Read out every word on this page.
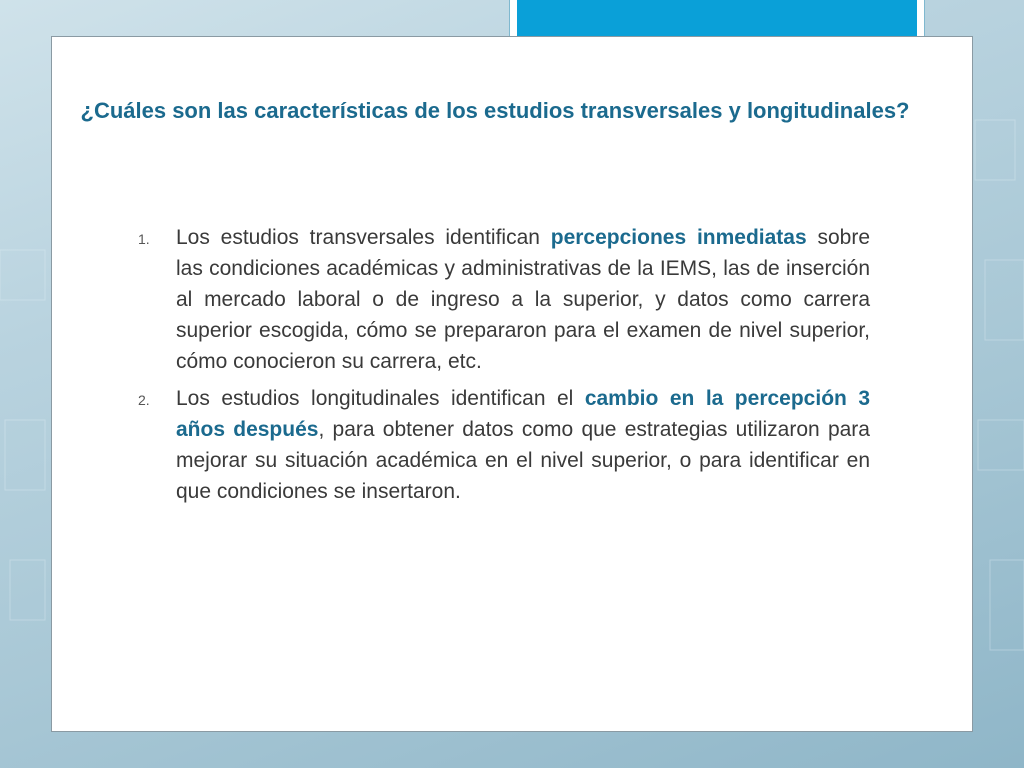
¿Cuáles son las características de los estudios transversales y longitudinales?
1. Los estudios transversales identifican percepciones inmediatas sobre las condiciones académicas y administrativas de la IEMS, las de inserción al mercado laboral o de ingreso a la superior, y datos como carrera superior escogida, cómo se prepararon para el examen de nivel superior, cómo conocieron su carrera, etc.
2. Los estudios longitudinales identifican el cambio en la percepción 3 años después, para obtener datos como que estrategias utilizaron para mejorar su situación académica en el nivel superior, o para identificar en que condiciones se insertaron.
